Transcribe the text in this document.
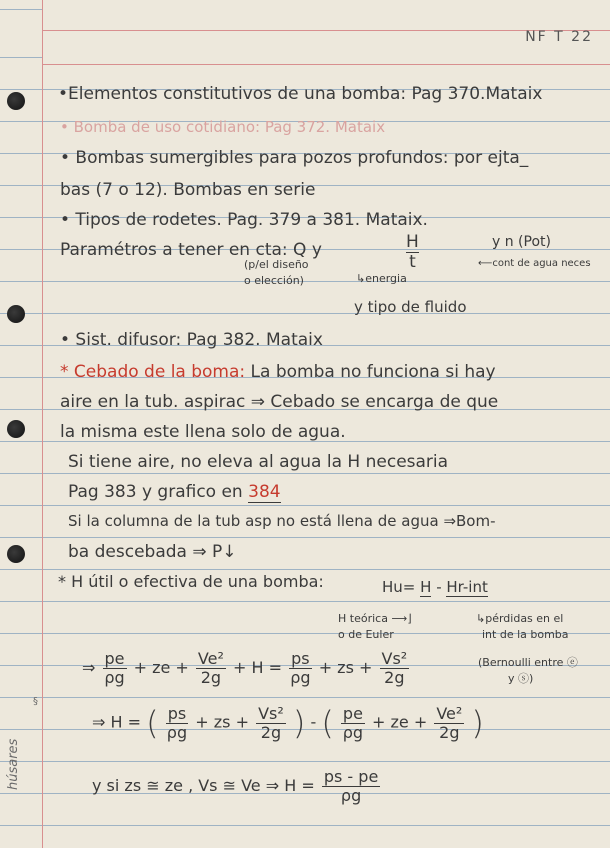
NF T 22
§
húsares
•Elementos constitutivos de una bomba: Pag 370.Mataix
• Bomba de uso cotidiano: Pag 372. Mataix
• Bombas sumergibles para pozos profundos: por ejta_
bas (7 o 12). Bombas en serie
• Tipos de rodetes. Pag. 379 a 381. Mataix.
Paramétros a tener en cta: Q y	H
t
y n (Pot)
(p/el diseño
o elección)	↳energia
⟵cont de agua neces
y tipo de fluido
• Sist. difusor: Pag 382. Mataix
* Cebado de la boma: La bomba no funciona si hay
aire en la tub. aspirac ⇒ Cebado se encarga de que
la misma este llena solo de agua.
Si tiene aire, no eleva al agua la H necesaria
Pag 383 y grafico en 384
Si la columna de la tub asp no está llena de agua ⇒Bom-
ba descebada ⇒ P↓
* H útil o efectiva de una bomba:	Hu= H - Hr-int
H teórica ⟶⌋
o de Euler
↳pérdidas en el
int de la bomba
⇒ $\frac{pe}{\rho g}$ + ze + $\frac{\text{Ve²}}{2g} + H = \frac{ps}{\rho g}$ + zs + $\frac{\text{Vs²}}{2g}$	(Bernoulli entre ⓔ
y ⓢ)
⇒ H = ( $\frac{ps}{\rho g}$ + zs + $\frac{\text{Vs²}}{2g}$ ) - ( $\frac{pe}{\rho g}$ + ze + $\frac{\text{Ve²}}{2g}$ )
y si zs ≅ ze , Vs ≅ Ve ⇒ $H = \frac{ps - pe}{\rho g}$
